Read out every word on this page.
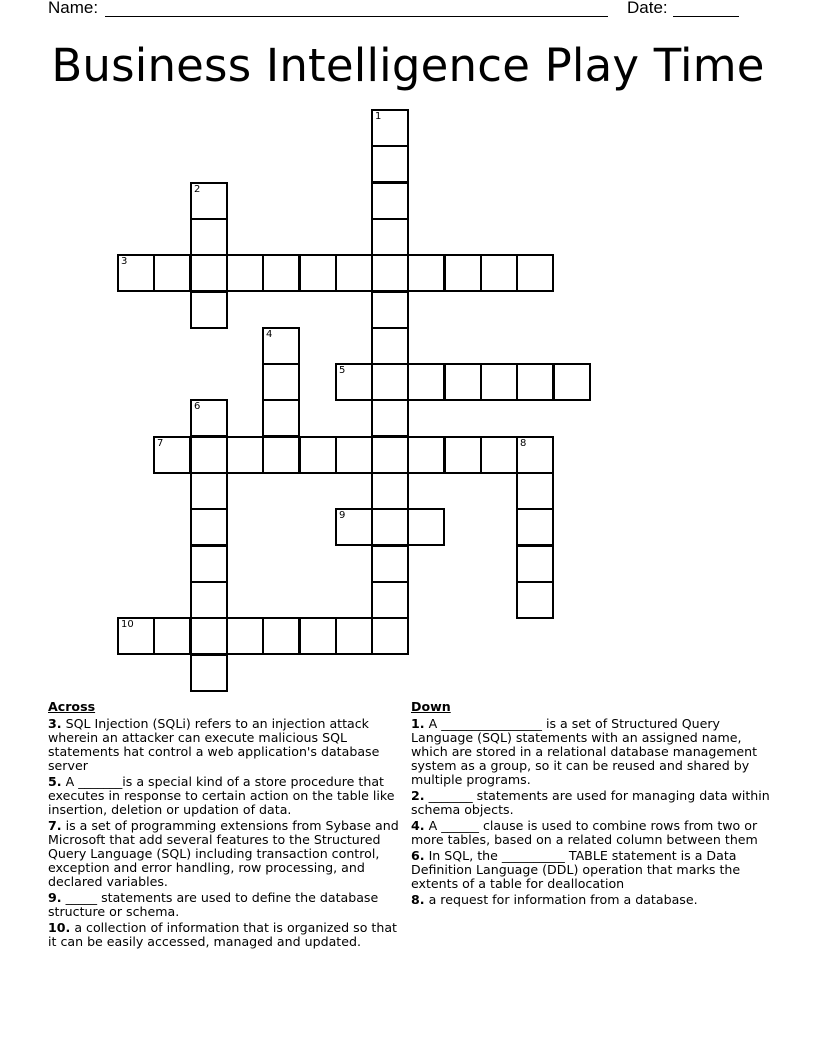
Name:	Date:
Business Intelligence Play Time
1
2
3
4
5
6
7	8
9
10
Across
3. SQL Injection (SQLi) refers to an injection attack wherein an attacker can execute malicious SQL statements hat control a web application's database server
5. A _______is a special kind of a store procedure that executes in response to certain action on the table like insertion, deletion or updation of data.
7. is a set of programming extensions from Sybase and Microsoft that add several features to the Structured Query Language (SQL) including transaction control, exception and error handling, row processing, and declared variables.
9. _____ statements are used to define the database structure or schema.
10. a collection of information that is organized so that it can be easily accessed, managed and updated.
Down
1. A ________________ is a set of Structured Query Language (SQL) statements with an assigned name, which are stored in a relational database management system as a group, so it can be reused and shared by multiple programs.
2. _______ statements are used for managing data within schema objects.
4. A ______ clause is used to combine rows from two or more tables, based on a related column between them
6. In SQL, the __________ TABLE statement is a Data Definition Language (DDL) operation that marks the extents of a table for deallocation
8. a request for information from a database.
